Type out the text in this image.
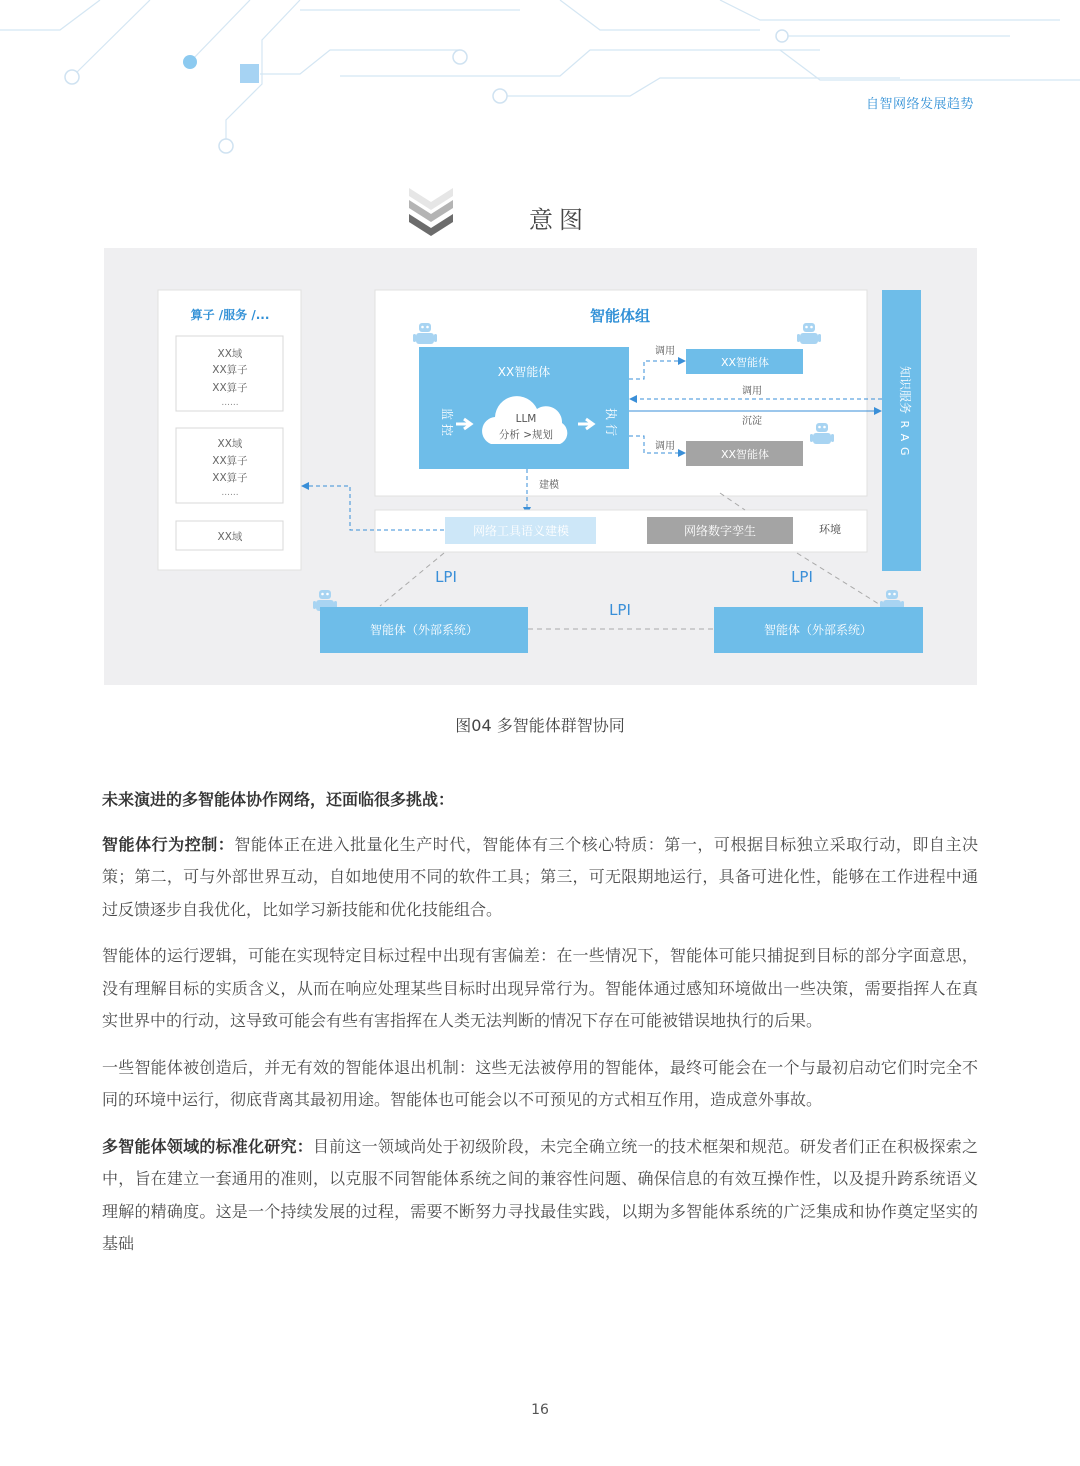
自智网络发展趋势
意图
算子 /服务 /...
XX域
XX算子
XX算子
......
XX域
XX算子
XX算子
......
XX域
智能体组
XX智能体
监控	执行
LLM
分析 >规划
XX智能体
XX智能体
调用
调用
调用
沉淀
建模
网络工具语义建模	网络数字孪生	环境
知识服务
RAG
LPI	LPI
LPI
智能体（外部系统）	智能体（外部系统）
图04 多智能体群智协同

未来演进的多智能体协作网络，还面临很多挑战：

智能体行为控制：智能体正在进入批量化生产时代，智能体有三个核心特质：第一，可根据目标独立采取行动，即自主决策；第二，可与外部世界互动，自如地使用不同的软件工具；第三，可无限期地运行，具备可进化性，能够在工作进程中通过反馈逐步自我优化，比如学习新技能和优化技能组合。

智能体的运行逻辑，可能在实现特定目标过程中出现有害偏差：在一些情况下，智能体可能只捕捉到目标的部分字面意思，没有理解目标的实质含义，从而在响应处理某些目标时出现异常行为。智能体通过感知环境做出一些决策，需要指挥人在真实世界中的行动，这导致可能会有些有害指挥在人类无法判断的情况下存在可能被错误地执行的后果。

一些智能体被创造后，并无有效的智能体退出机制：这些无法被停用的智能体，最终可能会在一个与最初启动它们时完全不同的环境中运行，彻底背离其最初用途。智能体也可能会以不可预见的方式相互作用，造成意外事故。

多智能体领域的标准化研究：目前这一领域尚处于初级阶段，未完全确立统一的技术框架和规范。研发者们正在积极探索之中，旨在建立一套通用的准则，以克服不同智能体系统之间的兼容性问题、确保信息的有效互操作性，以及提升跨系统语义理解的精确度。这是一个持续发展的过程，需要不断努力寻找最佳实践，以期为多智能体系统的广泛集成和协作奠定坚实的基础

16
